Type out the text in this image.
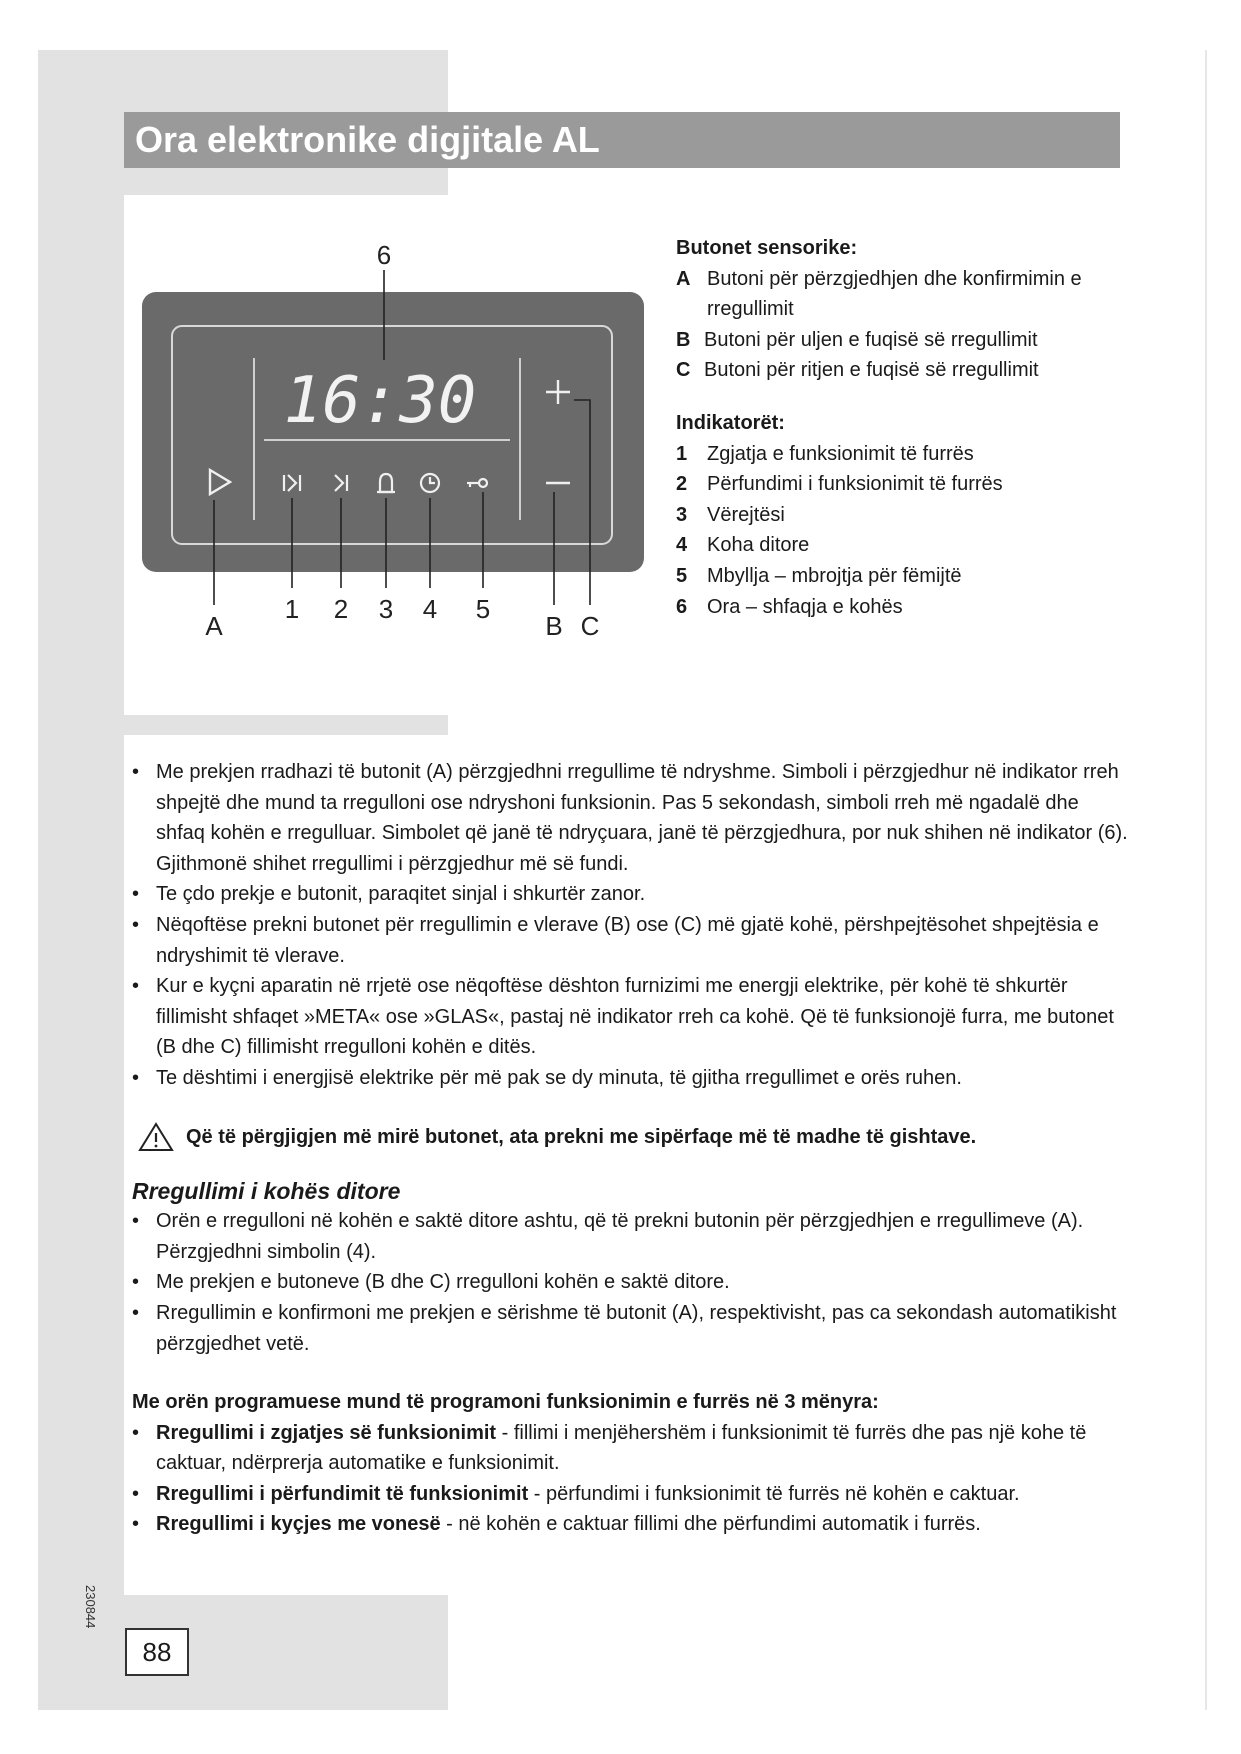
Ora elektronike digjitale AL
16:30
6
A
1 2 3 4 5
B C
Butonet sensorike:
A Butoni për përzgjedhjen dhe konfirmimin e rregullimit
B Butoni për uljen e fuqisë së rregullimit
C Butoni për ritjen e fuqisë së rregullimit
Indikatorët:
1 Zgjatja e funksionimit të furrës
2 Përfundimi i funksionimit të furrës
3 Vërejtësi
4 Koha ditore
5 Mbyllja – mbrojtja për fëmijtë
6 Ora – shfaqja e kohës
• Me prekjen rradhazi të butonit (A) përzgjedhni rregullime të ndryshme. Simboli i përzgjedhur në indikator rreh shpejtë dhe mund ta rregulloni ose ndryshoni funksionin. Pas 5 sekondash, simboli rreh më ngadalë dhe shfaq kohën e rregulluar. Simbolet që janë të ndryçuara, janë të përzgjedhura, por nuk shihen në indikator (6). Gjithmonë shihet rregullimi i përzgjedhur më së fundi.
• Te çdo prekje e butonit, paraqitet sinjal i shkurtër zanor.
• Nëqoftëse prekni butonet për rregullimin e vlerave (B) ose (C) më gjatë kohë, përshpejtësohet shpejtësia e ndryshimit të vlerave.
• Kur e kyçni aparatin në rrjetë ose nëqoftëse dështon furnizimi me energji elektrike, për kohë të shkurtër fillimisht shfaqet »META« ose »GLAS«, pastaj në indikator rreh ca kohë. Që të funksionojë furra, me butonet (B dhe C) fillimisht rregulloni kohën e ditës.
• Te dështimi i energjisë elektrike për më pak se dy minuta, të gjitha rregullimet e orës ruhen.
Që të përgjigjen më mirë butonet, ata prekni me sipërfaqe më të madhe të gishtave.
Rregullimi i kohës ditore
• Orën e rregulloni në kohën e saktë ditore ashtu, që të prekni butonin për përzgjedhjen e rregullimeve (A). Përzgjedhni simbolin (4).
• Me prekjen e butoneve (B dhe C) rregulloni kohën e saktë ditore.
• Rregullimin e konfirmoni me prekjen e sërishme të butonit (A), respektivisht, pas ca sekondash automatikisht përzgjedhet vetë.
Me orën programuese mund të programoni funksionimin e furrës në 3 mënyra:
• Rregullimi i zgjatjes së funksionimit - fillimi i menjëhershëm i funksionimit të furrës dhe pas një kohe të caktuar, ndërprerja automatike e funksionimit.
• Rregullimi i përfundimit të funksionimit - përfundimi i funksionimit të furrës në kohën e caktuar.
• Rregullimi i kyçjes me vonesë - në kohën e caktuar fillimi dhe përfundimi automatik i furrës.
230844
88
